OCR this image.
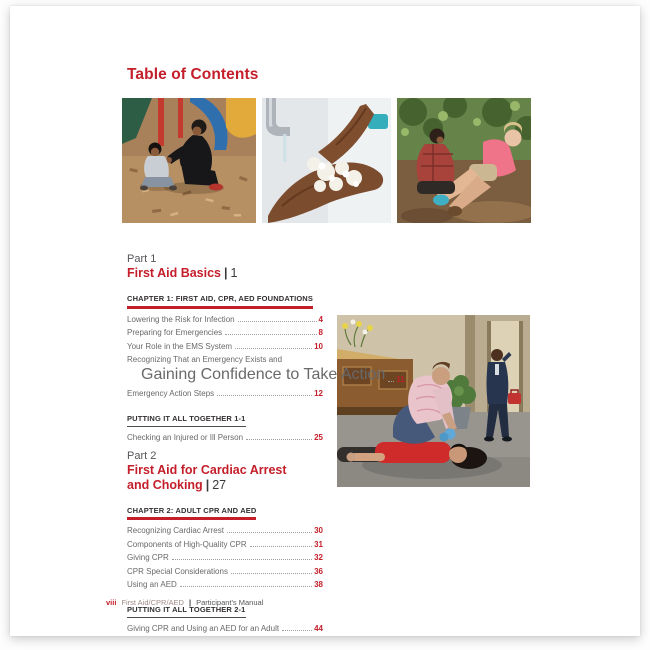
Table of Contents
Part 1
First Aid Basics | 1
CHAPTER 1: FIRST AID, CPR, AED FOUNDATIONS
Lowering the Risk for Infection	4
Preparing for Emergencies	8
Your Role in the EMS System	10
Recognizing That an Emergency Exists and
Gaining Confidence to Take Action 11
Emergency Action Steps	12
PUTTING IT ALL TOGETHER 1-1
Checking an Injured or Ill Person	25
Part 2
First Aid for Cardiac Arrest
and Choking | 27
CHAPTER 2: ADULT CPR AND AED
Recognizing Cardiac Arrest	30
Components of High-Quality CPR	31
Giving CPR	32
CPR Special Considerations	36
Using an AED	38
PUTTING IT ALL TOGETHER 2-1
Giving CPR and Using an AED for an Adult	44
viii First Aid/CPR/AED | Participant's Manual
